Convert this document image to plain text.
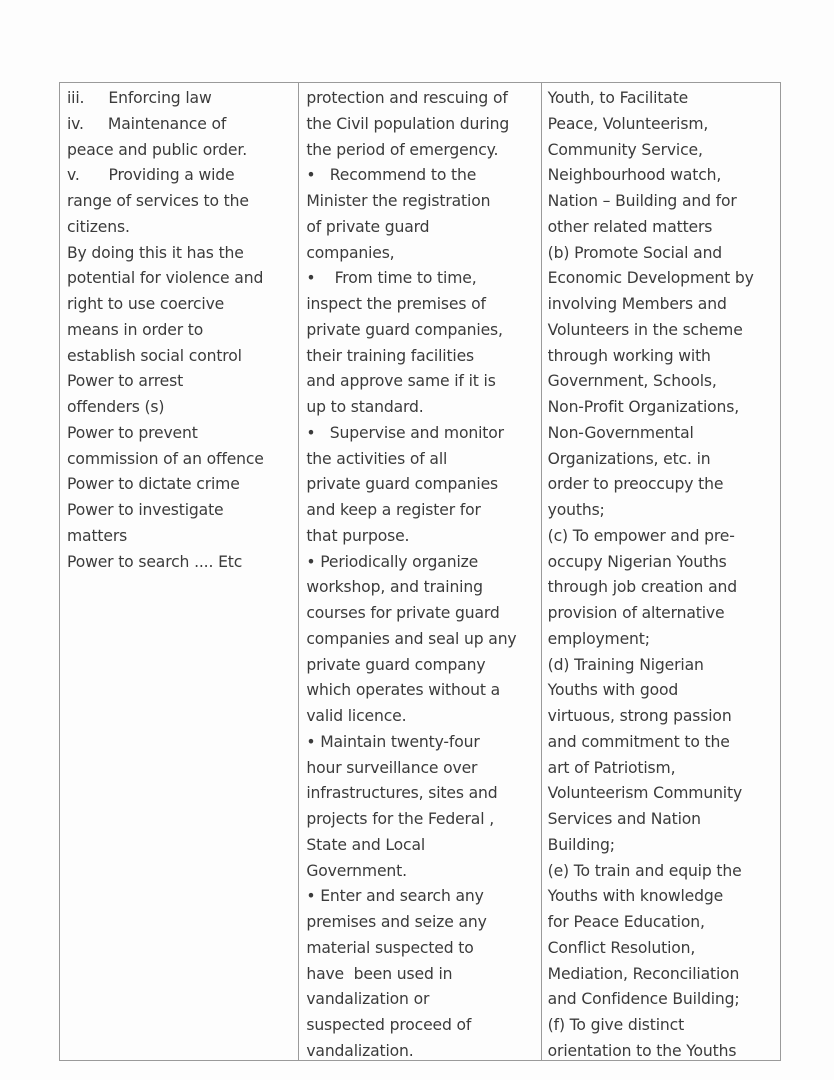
iii.     Enforcing law
iv.     Maintenance of
peace and public order.
v.      Providing a wide
range of services to the
citizens.
By doing this it has the
potential for violence and
right to use coercive
means in order to
establish social control
Power to arrest
offenders (s)
Power to prevent
commission of an offence
Power to dictate crime
Power to investigate
matters
Power to search .... Etc
protection and rescuing of
the Civil population during
the period of emergency.
•   Recommend to the
Minister the registration
of private guard
companies,
•    From time to time,
inspect the premises of
private guard companies,
their training facilities
and approve same if it is
up to standard.
•   Supervise and monitor
the activities of all
private guard companies
and keep a register for
that purpose.
• Periodically organize
workshop, and training
courses for private guard
companies and seal up any
private guard company
which operates without a
valid licence.
• Maintain twenty-four
hour surveillance over
infrastructures, sites and
projects for the Federal ,
State and Local
Government.
• Enter and search any
premises and seize any
material suspected to
have  been used in
vandalization or
suspected proceed of
vandalization.
Youth, to Facilitate
Peace, Volunteerism,
Community Service,
Neighbourhood watch,
Nation – Building and for
other related matters
(b) Promote Social and
Economic Development by
involving Members and
Volunteers in the scheme
through working with
Government, Schools,
Non-Profit Organizations,
Non-Governmental
Organizations, etc. in
order to preoccupy the
youths;
(c) To empower and pre-
occupy Nigerian Youths
through job creation and
provision of alternative
employment;
(d) Training Nigerian
Youths with good
virtuous, strong passion
and commitment to the
art of Patriotism,
Volunteerism Community
Services and Nation
Building;
(e) To train and equip the
Youths with knowledge
for Peace Education,
Conflict Resolution,
Mediation, Reconciliation
and Confidence Building;
(f) To give distinct
orientation to the Youths
